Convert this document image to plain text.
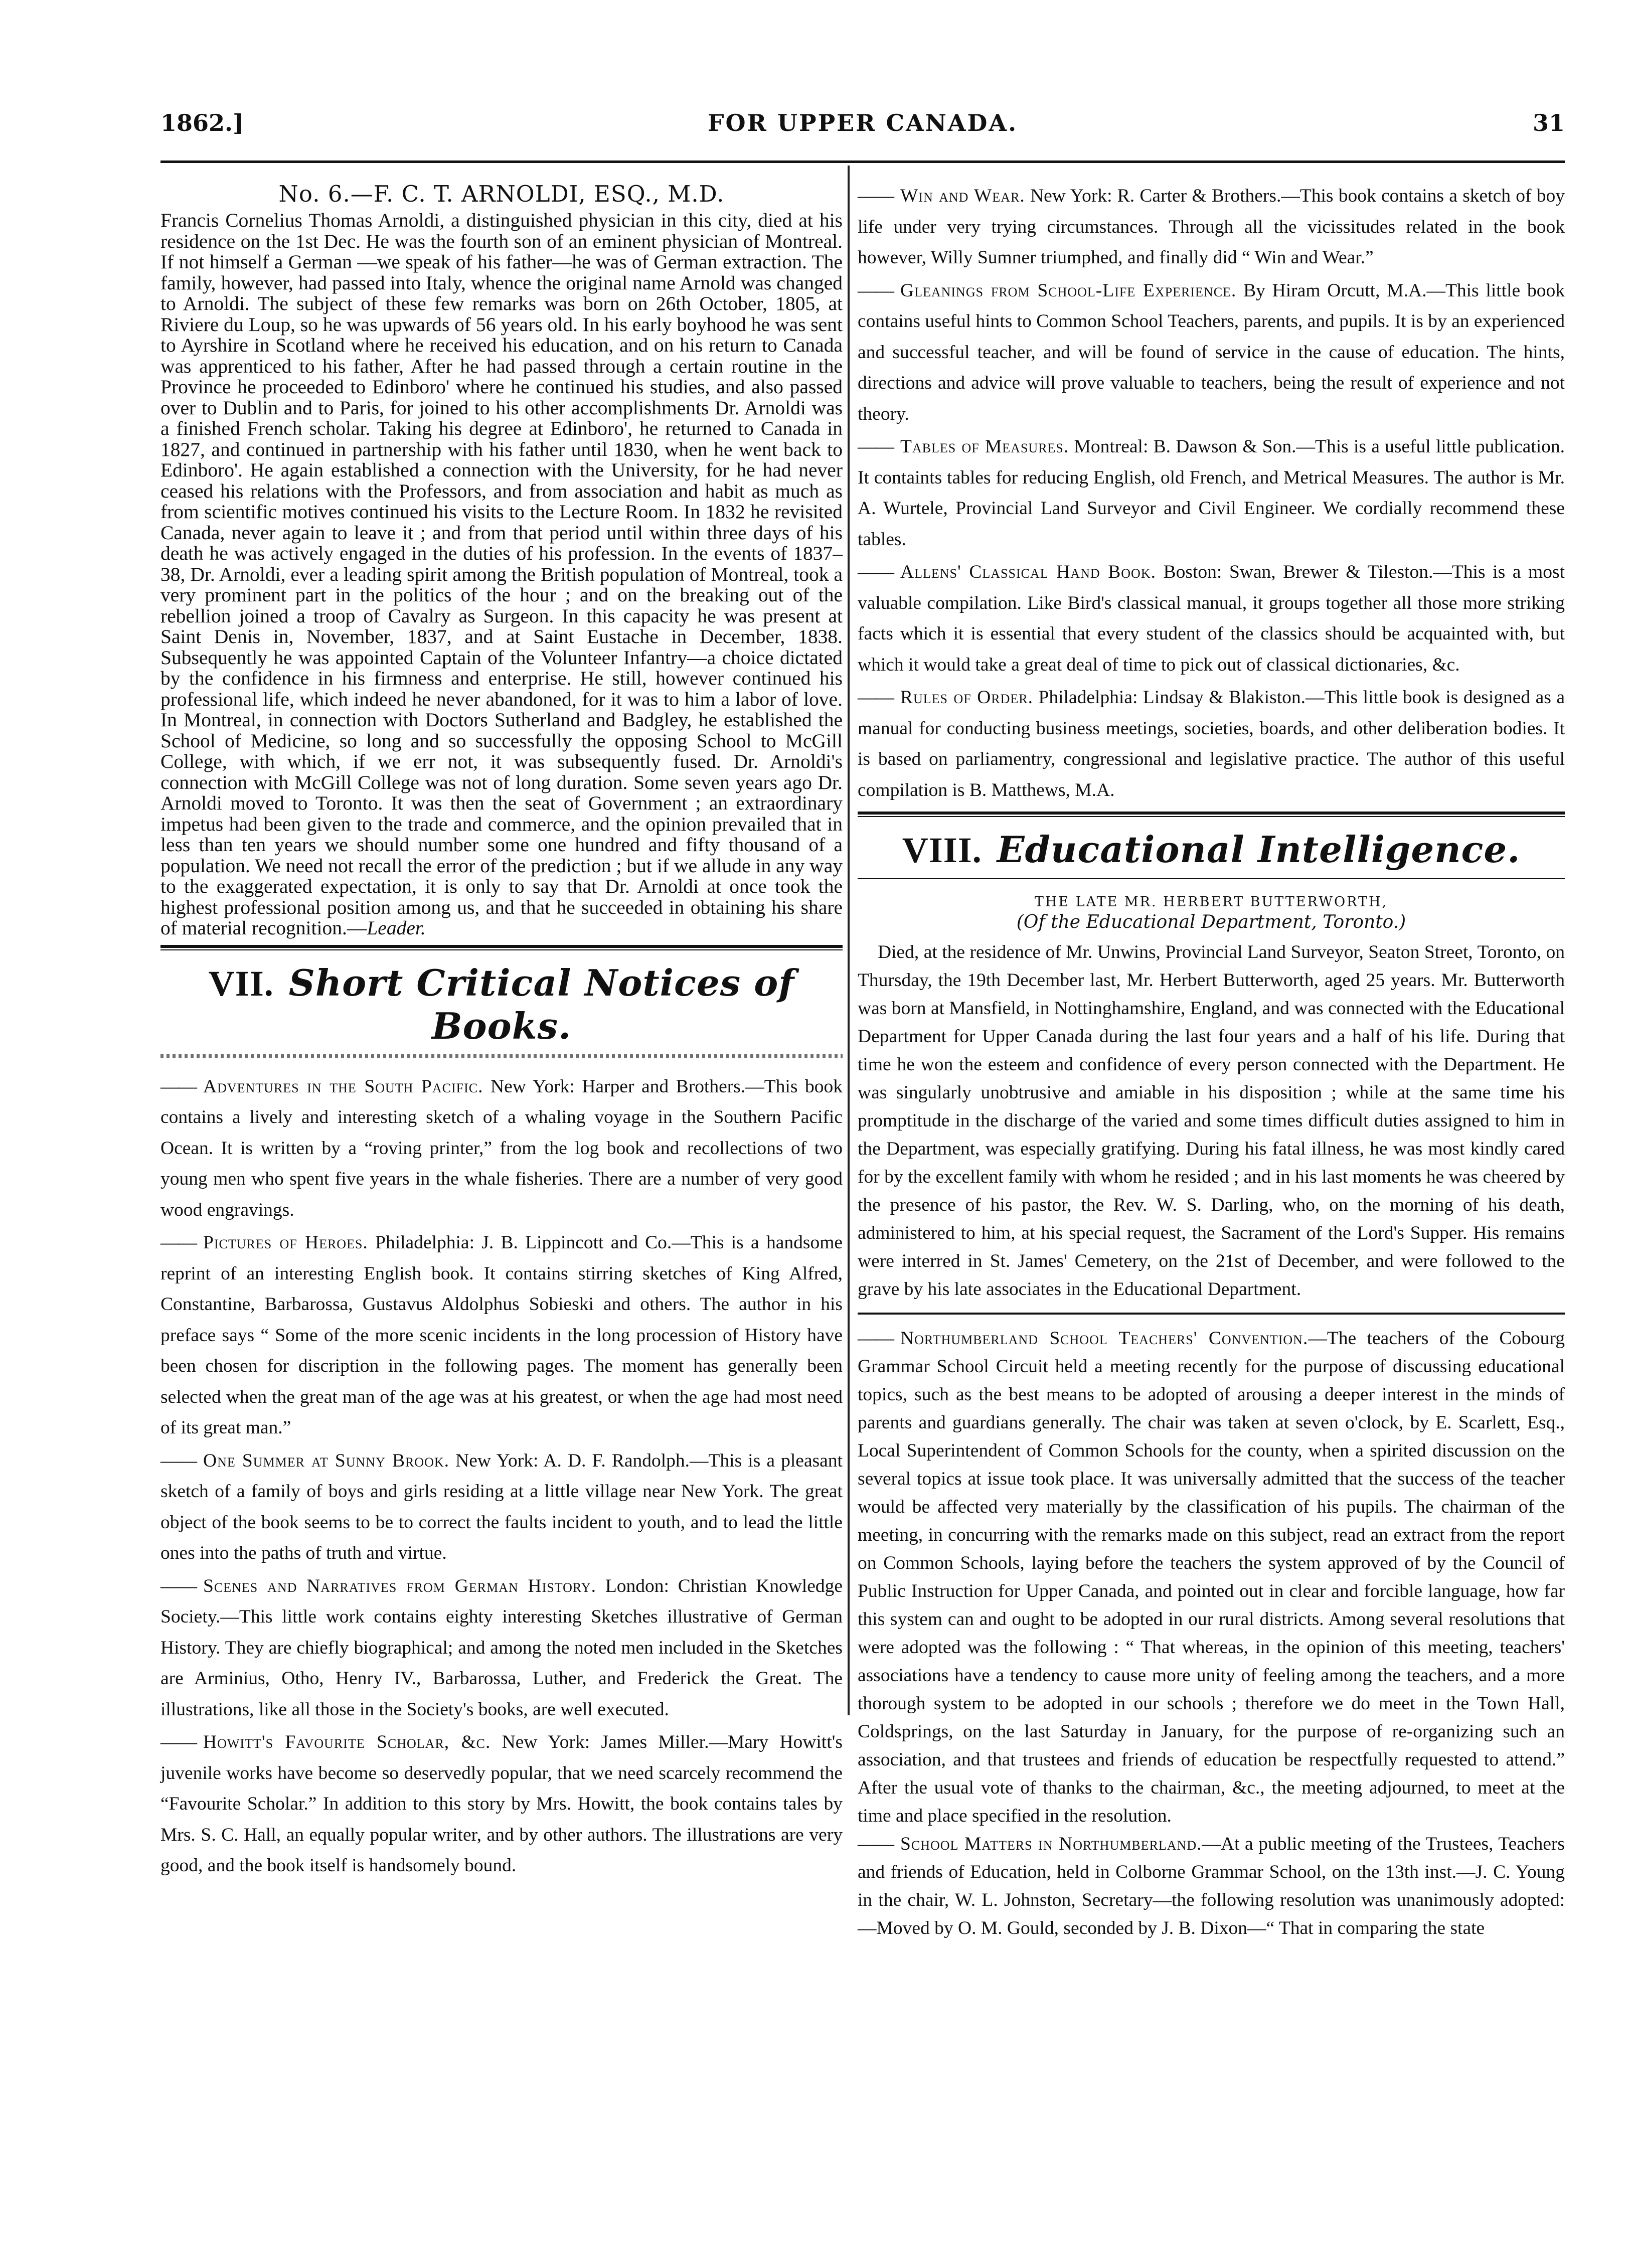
1862.]	FOR UPPER CANADA.	31
No. 6.—F. C. T. ARNOLDI, ESQ., M.D.

Francis Cornelius Thomas Arnoldi, a distinguished physician in this city, died at his residence on the 1st Dec. He was the fourth son of an eminent physician of Montreal. If not himself a German —we speak of his father—he was of German extraction. The family, however, had passed into Italy, whence the original name Arnold was changed to Arnoldi. The subject of these few remarks was born on 26th October, 1805, at Riviere du Loup, so he was upwards of 56 years old. In his early boyhood he was sent to Ayrshire in Scotland where he received his education, and on his return to Canada was apprenticed to his father, After he had passed through a certain routine in the Province he proceeded to Edinboro' where he continued his studies, and also passed over to Dublin and to Paris, for joined to his other accomplishments Dr. Arnoldi was a finished French scholar. Taking his degree at Edinboro', he returned to Canada in 1827, and continued in partnership with his father until 1830, when he went back to Edinboro'. He again established a connection with the University, for he had never ceased his relations with the Professors, and from association and habit as much as from scientific motives continued his visits to the Lecture Room. In 1832 he revisited Canada, never again to leave it ; and from that period until within three days of his death he was actively engaged in the duties of his profession. In the events of 1837–38, Dr. Arnoldi, ever a leading spirit among the British population of Montreal, took a very prominent part in the politics of the hour ; and on the breaking out of the rebellion joined a troop of Cavalry as Surgeon. In this capacity he was present at Saint Denis in, November, 1837, and at Saint Eustache in December, 1838. Subsequently he was appointed Captain of the Volunteer Infantry—a choice dictated by the confidence in his firmness and enterprise. He still, however continued his professional life, which indeed he never abandoned, for it was to him a labor of love. In Montreal, in connection with Doctors Sutherland and Badgley, he established the School of Medicine, so long and so successfully the opposing School to McGill College, with which, if we err not, it was subsequently fused. Dr. Arnoldi's connection with McGill College was not of long duration. Some seven years ago Dr. Arnoldi moved to Toronto. It was then the seat of Government ; an extraordinary impetus had been given to the trade and commerce, and the opinion prevailed that in less than ten years we should number some one hundred and fifty thousand of a population. We need not recall the error of the prediction ; but if we allude in any way to the exaggerated expectation, it is only to say that Dr. Arnoldi at once took the highest professional position among us, and that he succeeded in obtaining his share of material recognition.—Leader.

VII. Short Critical Notices of Books.

—— Adventures in the South Pacific. New York: Harper and Brothers.—This book contains a lively and interesting sketch of a whaling voyage in the Southern Pacific Ocean. It is written by a “roving printer,” from the log book and recollections of two young men who spent five years in the whale fisheries. There are a number of very good wood engravings.

—— Pictures of Heroes. Philadelphia: J. B. Lippincott and Co.—This is a handsome reprint of an interesting English book. It contains stirring sketches of King Alfred, Constantine, Barbarossa, Gustavus Aldolphus Sobieski and others. The author in his preface says “ Some of the more scenic incidents in the long procession of History have been chosen for discription in the following pages. The moment has generally been selected when the great man of the age was at his greatest, or when the age had most need of its great man.”

—— One Summer at Sunny Brook. New York: A. D. F. Randolph.—This is a pleasant sketch of a family of boys and girls residing at a little village near New York. The great object of the book seems to be to correct the faults incident to youth, and to lead the little ones into the paths of truth and virtue.

—— Scenes and Narratives from German History. London: Christian Knowledge Society.—This little work contains eighty interesting Sketches illustrative of German History. They are chiefly biographical; and among the noted men included in the Sketches are Arminius, Otho, Henry IV., Barbarossa, Luther, and Frederick the Great. The illustrations, like all those in the Society's books, are well executed.

—— Howitt's Favourite Scholar, &c. New York: James Miller.—Mary Howitt's juvenile works have become so deservedly popular, that we need scarcely recommend the “Favourite Scholar.” In addition to this story by Mrs. Howitt, the book contains tales by Mrs. S. C. Hall, an equally popular writer, and by other authors. The illustrations are very good, and the book itself is handsomely bound.

—— Win and Wear. New York: R. Carter & Brothers.—This book contains a sketch of boy life under very trying circumstances. Through all the vicissitudes related in the book however, Willy Sumner triumphed, and finally did “ Win and Wear.”

—— Gleanings from School-Life Experience. By Hiram Orcutt, M.A.—This little book contains useful hints to Common School Teachers, parents, and pupils. It is by an experienced and successful teacher, and will be found of service in the cause of education. The hints, directions and advice will prove valuable to teachers, being the result of experience and not theory.

—— Tables of Measures. Montreal: B. Dawson & Son.—This is a useful little publication. It containts tables for reducing English, old French, and Metrical Measures. The author is Mr. A. Wurtele, Provincial Land Surveyor and Civil Engineer. We cordially recommend these tables.

—— Allens' Classical Hand Book. Boston: Swan, Brewer & Tileston.—This is a most valuable compilation. Like Bird's classical manual, it groups together all those more striking facts which it is essential that every student of the classics should be acquainted with, but which it would take a great deal of time to pick out of classical dictionaries, &c.

—— Rules of Order. Philadelphia: Lindsay & Blakiston.—This little book is designed as a manual for conducting business meetings, societies, boards, and other deliberation bodies. It is based on parliamentry, congressional and legislative practice. The author of this useful compilation is B. Matthews, M.A.

VIII. Educational Intelligence.
THE LATE MR. HERBERT BUTTERWORTH,
(Of the Educational Department, Toronto.)

Died, at the residence of Mr. Unwins, Provincial Land Surveyor, Seaton Street, Toronto, on Thursday, the 19th December last, Mr. Herbert Butterworth, aged 25 years. Mr. Butterworth was born at Mansfield, in Nottinghamshire, England, and was connected with the Educational Department for Upper Canada during the last four years and a half of his life. During that time he won the esteem and confidence of every person connected with the Department. He was singularly unobtrusive and amiable in his disposition ; while at the same time his promptitude in the discharge of the varied and some times difficult duties assigned to him in the Department, was especially gratifying. During his fatal illness, he was most kindly cared for by the excellent family with whom he resided ; and in his last moments he was cheered by the presence of his pastor, the Rev. W. S. Darling, who, on the morning of his death, administered to him, at his special request, the Sacrament of the Lord's Supper. His remains were interred in St. James' Cemetery, on the 21st of December, and were followed to the grave by his late associates in the Educational Department.

—— Northumberland School Teachers' Convention.—The teachers of the Cobourg Grammar School Circuit held a meeting recently for the purpose of discussing educational topics, such as the best means to be adopted of arousing a deeper interest in the minds of parents and guardians generally. The chair was taken at seven o'clock, by E. Scarlett, Esq., Local Superintendent of Common Schools for the county, when a spirited discussion on the several topics at issue took place. It was universally admitted that the success of the teacher would be affected very materially by the classification of his pupils. The chairman of the meeting, in concurring with the remarks made on this subject, read an extract from the report on Common Schools, laying before the teachers the system approved of by the Council of Public Instruction for Upper Canada, and pointed out in clear and forcible language, how far this system can and ought to be adopted in our rural districts. Among several resolutions that were adopted was the following : “ That whereas, in the opinion of this meeting, teachers' associations have a tendency to cause more unity of feeling among the teachers, and a more thorough system to be adopted in our schools ; therefore we do meet in the Town Hall, Coldsprings, on the last Saturday in January, for the purpose of re-organizing such an association, and that trustees and friends of education be respectfully requested to attend.” After the usual vote of thanks to the chairman, &c., the meeting adjourned, to meet at the time and place specified in the resolution.

—— School Matters in Northumberland.—At a public meeting of the Trustees, Teachers and friends of Education, held in Colborne Grammar School, on the 13th inst.—J. C. Young in the chair, W. L. Johnston, Secretary—the following resolution was unanimously adopted:—Moved by O. M. Gould, seconded by J. B. Dixon—“ That in comparing the state
